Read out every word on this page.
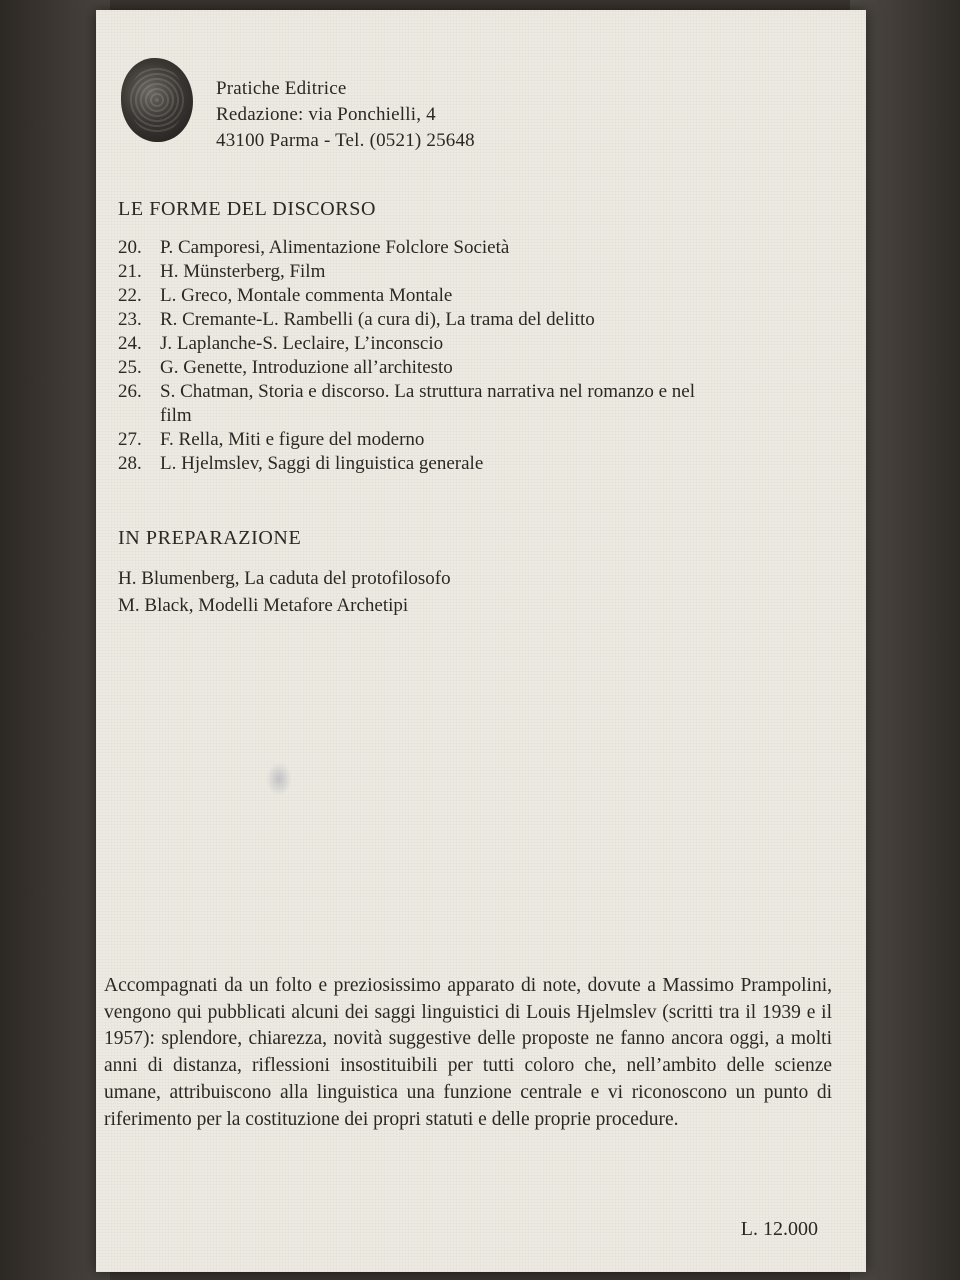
Pratiche Editrice
Redazione: via Ponchielli, 4
43100 Parma - Tel. (0521) 25648
LE FORME DEL DISCORSO
20. P. Camporesi, Alimentazione Folclore Società
21. H. Münsterberg, Film
22. L. Greco, Montale commenta Montale
23. R. Cremante-L. Rambelli (a cura di), La trama del delitto
24. J. Laplanche-S. Leclaire, L’inconscio
25. G. Genette, Introduzione all’architesto
26. S. Chatman, Storia e discorso. La struttura narrativa nel romanzo e nel film
27. F. Rella, Miti e figure del moderno
28. L. Hjelmslev, Saggi di linguistica generale
IN PREPARAZIONE
H. Blumenberg, La caduta del protofilosofo
M. Black, Modelli Metafore Archetipi
Accompagnati da un folto e preziosissimo apparato di note, dovute a Massimo Prampolini, vengono qui pubblicati alcuni dei saggi linguistici di Louis Hjelmslev (scritti tra il 1939 e il 1957): splendore, chiarezza, novità suggestive delle proposte ne fanno ancora oggi, a molti anni di distanza, riflessioni insostituibili per tutti coloro che, nell’ambito delle scienze umane, attribuiscono alla linguistica una funzione centrale e vi riconoscono un punto di riferimento per la costituzione dei propri statuti e delle proprie procedure.
L. 12.000
